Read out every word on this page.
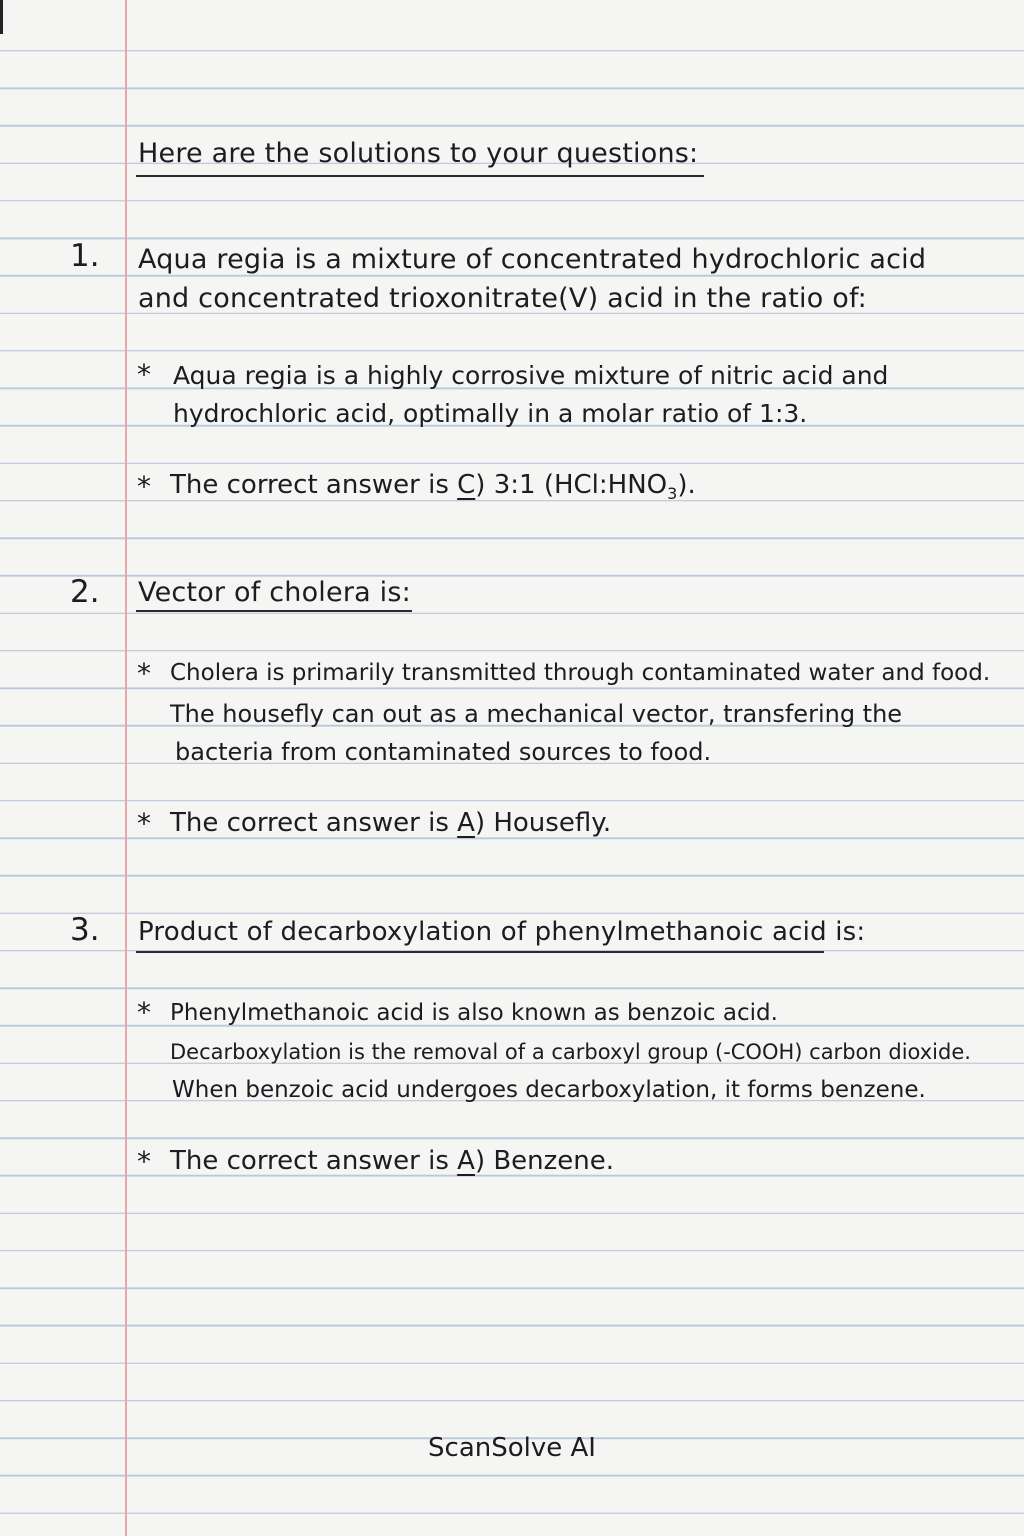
Here are the solutions to your questions:
1. Aqua regia is a mixture of concentrated hydrochloric acid
and concentrated trioxonitrate(V) acid in the ratio of:
* Aqua regia is a highly corrosive mixture of nitric acid and
hydrochloric acid, optimally in a molar ratio of 1:3.
* The correct answer is C) 3:1 $(HCl:HNO_3)$.
2. Vector of cholera is:
* Cholera is primarily transmitted through contaminated water and food.
The housefly can out as a mechanical vector, transfering the
bacteria from contaminated sources to food.
* The correct answer is A) Housefly.
3. Product of decarboxylation of phenylmethanoic acid is:
* Phenylmethanoic acid is also known as benzoic acid.
Decarboxylation is the removal of a carboxyl group (-COOH) carbon dioxide.
When benzoic acid undergoes decarboxylation, it forms benzene.
* The correct answer is A) Benzene.
ScanSolve AI
